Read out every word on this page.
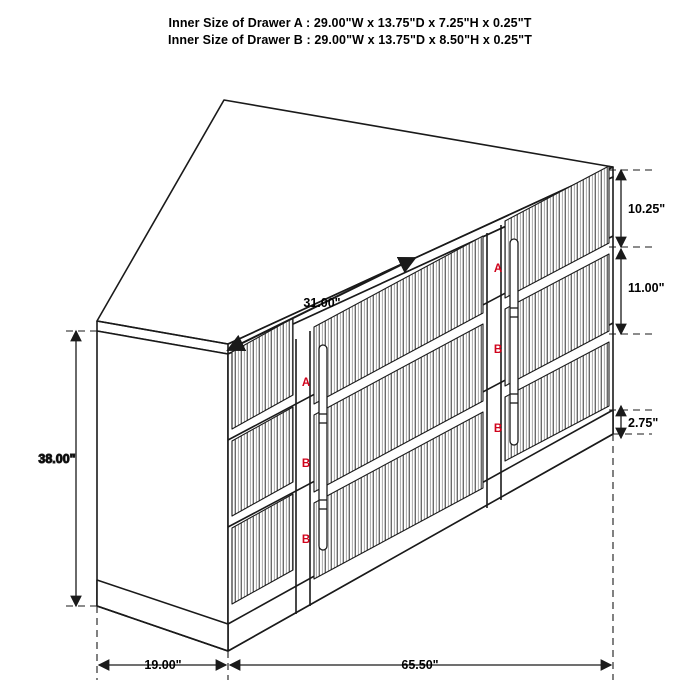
Inner Size of Drawer A : 29.00"W x 13.75"D x 7.25"H x 0.25"T
Inner Size of Drawer B : 29.00"W x 13.75"D x 8.50"H x 0.25"T
A
B
B
A
B
B
38.00"
19.00"	65.50"
10.25"
11.00"
2.75"
31.00"
